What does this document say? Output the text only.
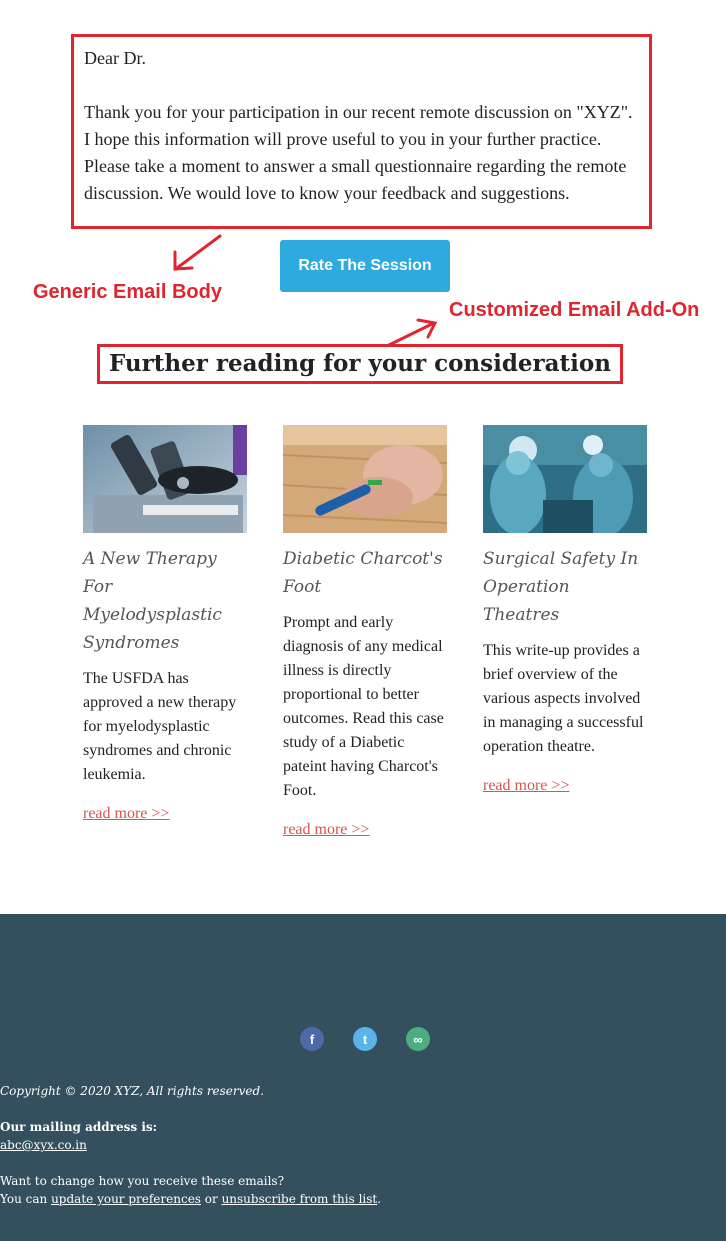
Dear Dr.

Thank you for your participation in our recent remote discussion on "XYZ". I hope this information will prove useful to you in your further practice. Please take a moment to answer a small questionnaire regarding the remote discussion. We would love to know your feedback and suggestions.

Rate The Session
Generic Email Body
Customized Email Add-On
Further reading for your consideration
A New Therapy For Myelodysplastic Syndromes

The USFDA has approved a new therapy for myelodysplastic syndromes and chronic leukemia.

read more >>
Diabetic Charcot's Foot

Prompt and early diagnosis of any medical illness is directly proportional to better outcomes. Read this case study of a Diabetic pateint having Charcot's Foot.

read more >>
Surgical Safety In Operation Theatres

This write-up provides a brief overview of the various aspects involved in managing a successful operation theatre.

read more >>
f	t	∞
Copyright © 2020 XYZ, All rights reserved.
Our mailing address is:
abc@xyx.co.in
Want to change how you receive these emails?
You can update your preferences or unsubscribe from this list.
